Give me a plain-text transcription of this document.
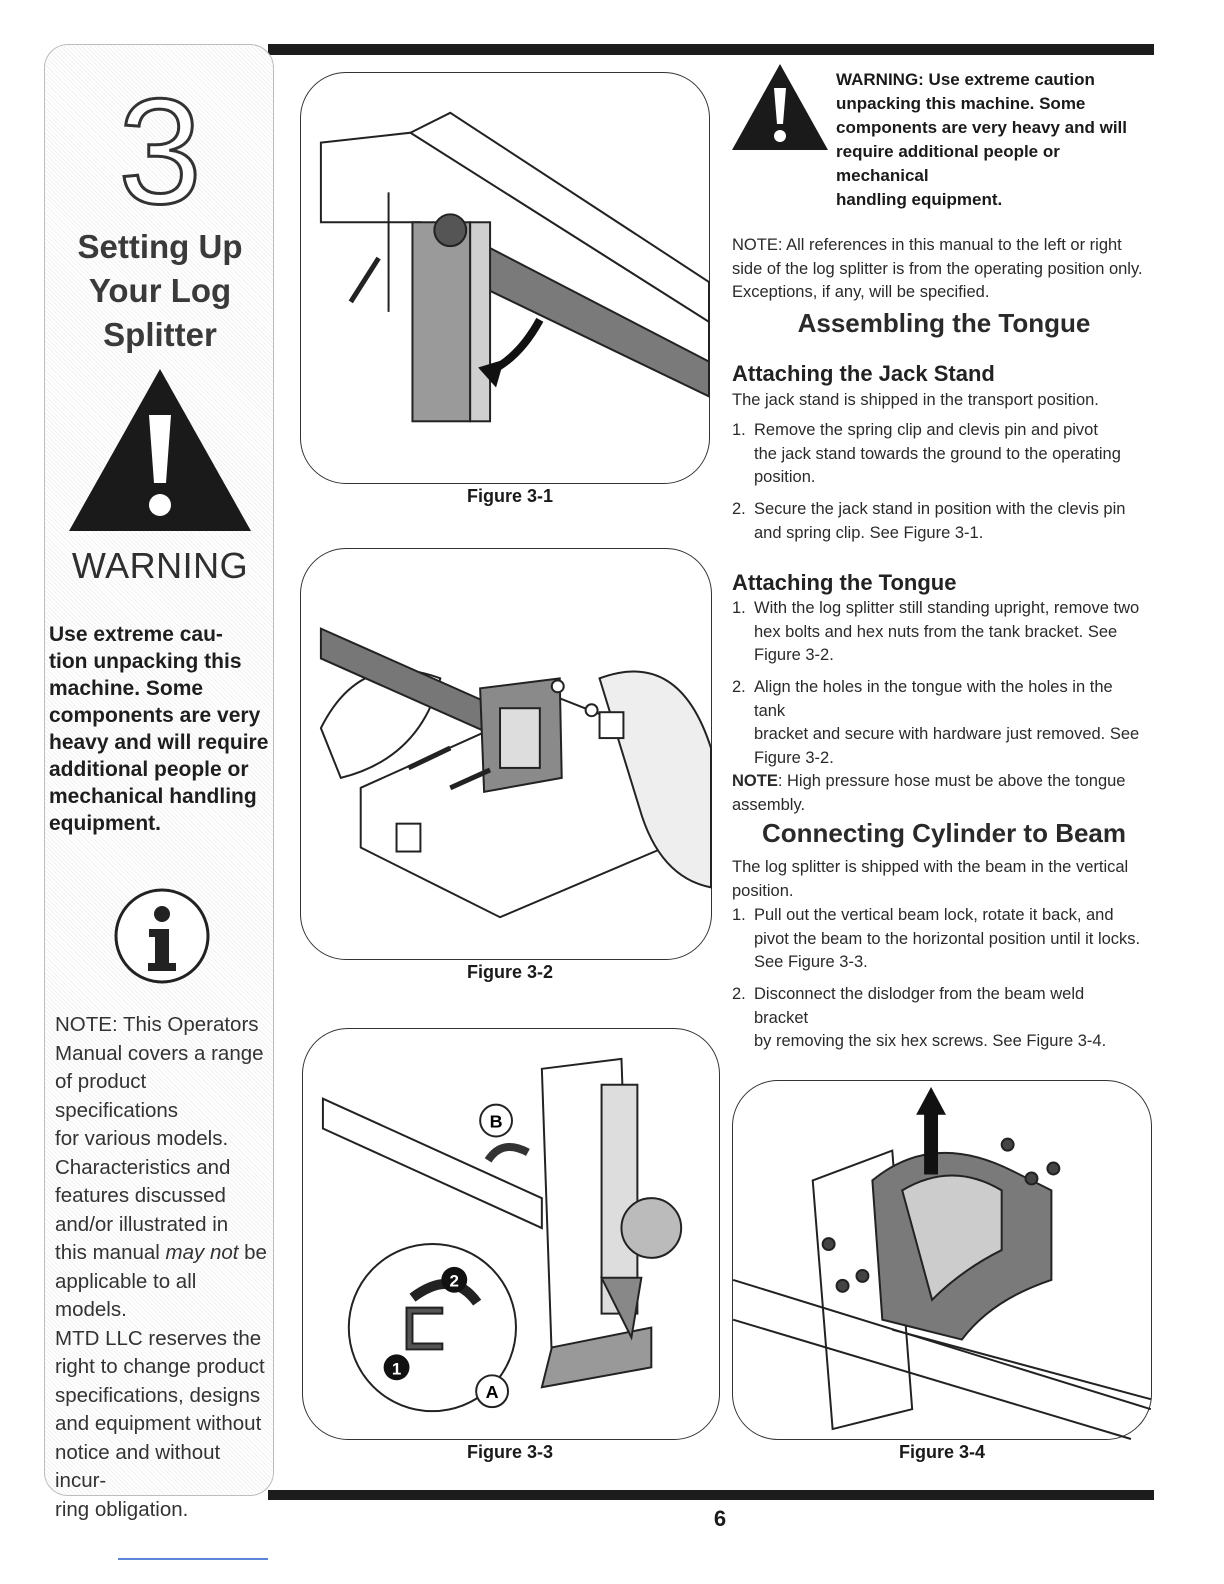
3
Setting Up
Your Log
Splitter
WARNING
Use extreme cau-
tion unpacking this
machine. Some
components are very
heavy and will require
additional people or
mechanical handling
equipment.
NOTE: This Operators
Manual covers a range
of product specifications
for various models.
Characteristics and
features discussed
and/or illustrated in
this manual may not be
applicable to all models.
MTD LLC reserves the
right to change product
specifications, designs
and equipment without
notice and without incur-
ring obligation.
Figure 3-1
Figure 3-2
B
2
1
A
Figure 3-3	Figure 3-4
WARNING: Use extreme caution
unpacking this machine. Some
components are very heavy and will
require additional people or mechanical
handling equipment.
NOTE: All references in this manual to the left or right
side of the log splitter is from the operating position only.
Exceptions, if any, will be specified.
Assembling the Tongue
Attaching the Jack Stand
The jack stand is shipped in the transport position.
1. Remove the spring clip and clevis pin and pivot
the jack stand towards the ground to the operating
position.
2. Secure the jack stand in position with the clevis pin
and spring clip. See Figure 3-1.
Attaching the Tongue
1. With the log splitter still standing upright, remove two
hex bolts and hex nuts from the tank bracket. See
Figure 3-2.
2. Align the holes in the tongue with the holes in the tank
bracket and secure with hardware just removed. See
Figure 3-2.
NOTE: High pressure hose must be above the tongue
assembly.
Connecting Cylinder to Beam
The log splitter is shipped with the beam in the vertical
position.
1. Pull out the vertical beam lock, rotate it back, and
pivot the beam to the horizontal position until it locks.
See Figure 3-3.
2. Disconnect the dislodger from the beam weld bracket
by removing the six hex screws. See Figure 3-4.
6
